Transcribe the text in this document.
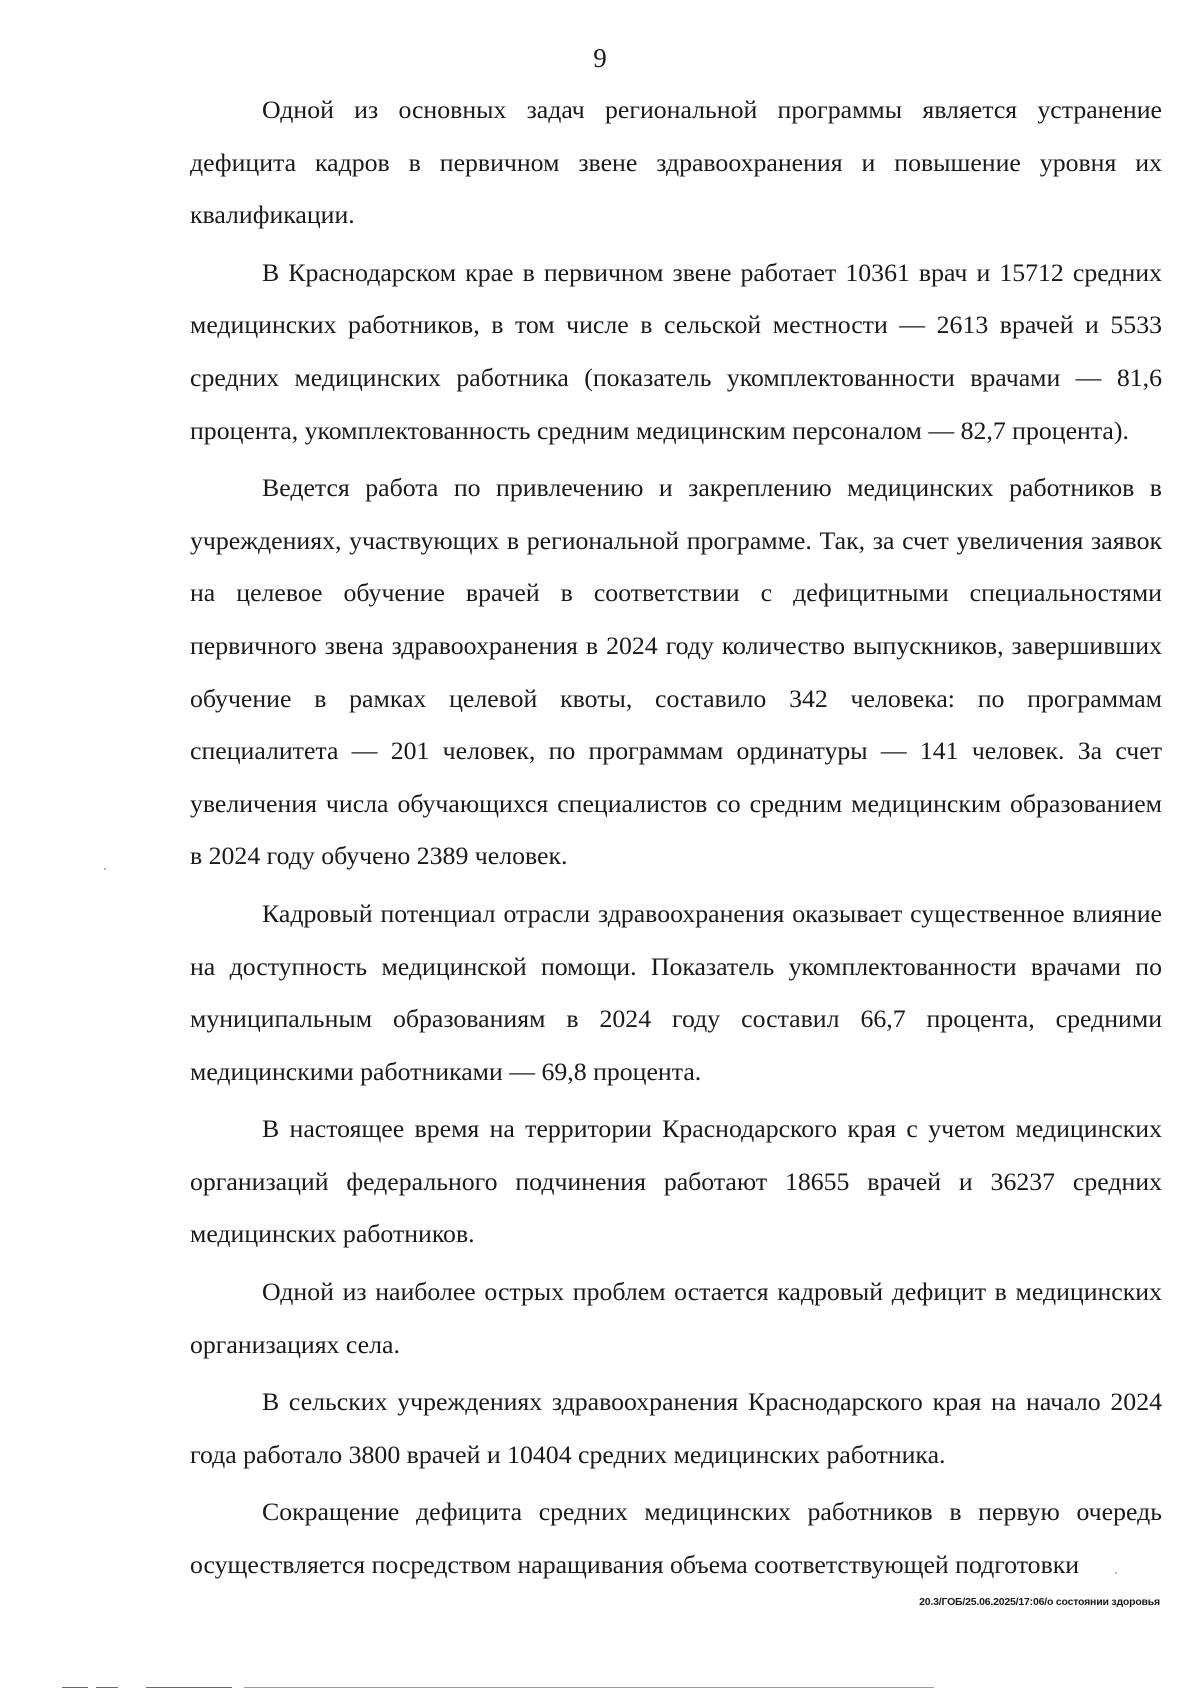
9

Одной из основных задач региональной программы является устранение дефицита кадров в первичном звене здравоохранения и повышение уровня их квалификации.

В Краснодарском крае в первичном звене работает 10361 врач и 15712 средних медицинских работников, в том числе в сельской местности — 2613 врачей и 5533 средних медицинских работника (показатель укомплектованности врачами — 81,6 процента, укомплектованность средним медицинским персоналом — 82,7 процента).

Ведется работа по привлечению и закреплению медицинских работников в учреждениях, участвующих в региональной программе. Так, за счет увеличения заявок на целевое обучение врачей в соответствии с дефицитными специальностями первичного звена здравоохранения в 2024 году количество выпускников, завершивших обучение в рамках целевой квоты, составило 342 человека: по программам специалитета — 201 человек, по программам ординатуры — 141 человек. За счет увеличения числа обучающихся специалистов со средним медицинским образованием в 2024 году обучено 2389 человек.

Кадровый потенциал отрасли здравоохранения оказывает существенное влияние на доступность медицинской помощи. Показатель укомплектованности врачами по муниципальным образованиям в 2024 году составил 66,7 процента, средними медицинскими работниками — 69,8 процента.

В настоящее время на территории Краснодарского края с учетом медицинских организаций федерального подчинения работают 18655 врачей и 36237 средних медицинских работников.

Одной из наиболее острых проблем остается кадровый дефицит в медицинских организациях села.

В сельских учреждениях здравоохранения Краснодарского края на начало 2024 года работало 3800 врачей и 10404 средних медицинских работника.

Сокращение дефицита средних медицинских работников в первую очередь осуществляется посредством наращивания объема соответствующей подготовки

20.3/ГОБ/25.06.2025/17:06/о состоянии здоровья
